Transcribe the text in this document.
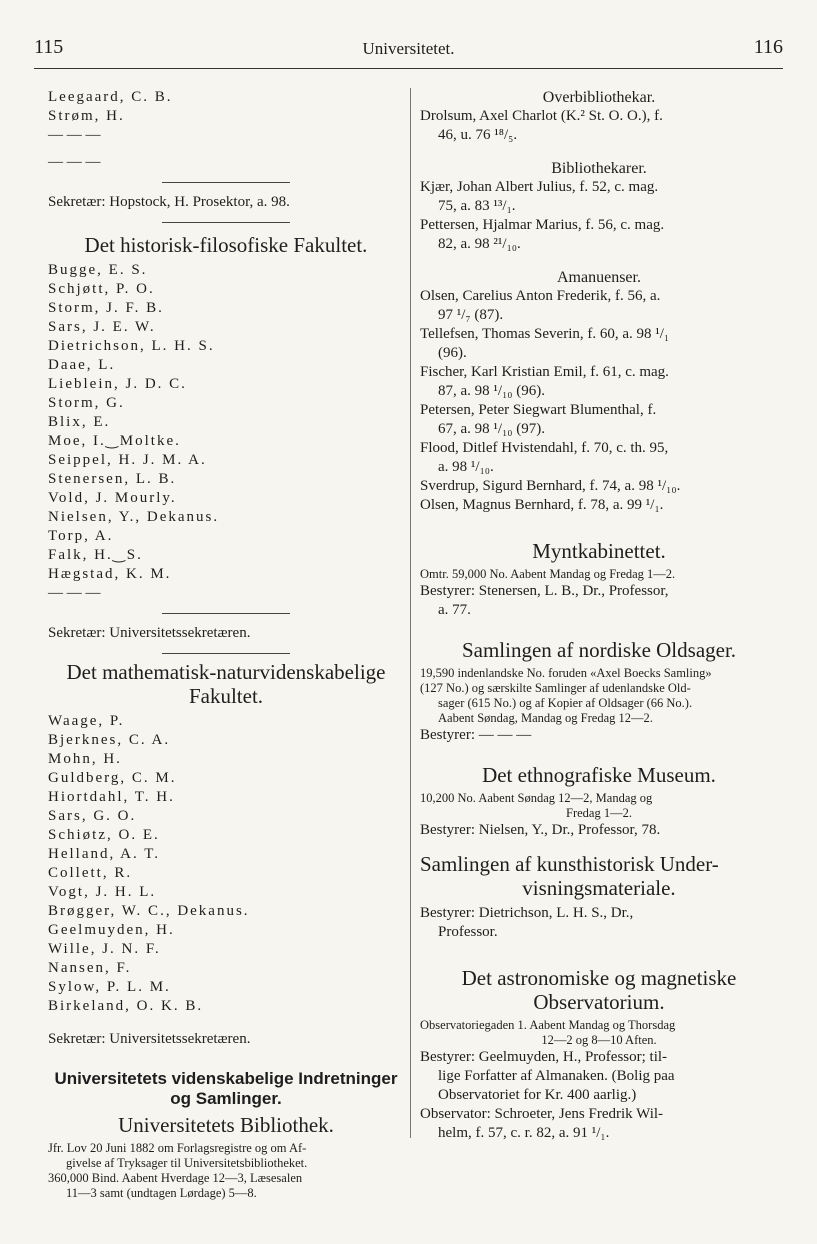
115	Universitetet.	116
Leegaard, C. B.
Strøm, H.
— — —
— — —
Sekretær: Hopstock, H. Prosektor, a. 98.
Det historisk-filosofiske Fakultet.
Bugge, E. S.
Schjøtt, P. O.
Storm, J. F. B.
Sars, J. E. W.
Dietrichson, L. H. S.
Daae, L.
Lieblein, J. D. C.
Storm, G.
Blix, E.
Moe, I.‿Moltke.
Seippel, H. J. M. A.
Stenersen, L. B.
Vold, J. Mourly.
Nielsen, Y., Dekanus.
Torp, A.
Falk, H.‿S.
Hægstad, K. M.
— — —
Sekretær: Universitetssekretæren.
Det mathematisk-naturvidenskabelige
Fakultet.
Waage, P.
Bjerknes, C. A.
Mohn, H.
Guldberg, C. M.
Hiortdahl, T. H.
Sars, G. O.
Schiøtz, O. E.
Helland, A. T.
Collett, R.
Vogt, J. H. L.
Brøgger, W. C., Dekanus.
Geelmuyden, H.
Wille, J. N. F.
Nansen, F.
Sylow, P. L. M.
Birkeland, O. K. B.
Sekretær: Universitetssekretæren.
Universitetets videnskabelige Indretninger
og Samlinger.
Universitetets Bibliothek.
Jfr. Lov 20 Juni 1882 om Forlagsregistre og om Af-
givelse af Tryksager til Universitetsbibliotheket.
360,000 Bind. Aabent Hverdage 12—3, Læsesalen
11—3 samt (undtagen Lørdage) 5—8.
Overbibliothekar.
Drolsum, Axel Charlot (K.² St. O. O.), f.
46, u. 76 ¹⁸/₅.
Bibliothekarer.
Kjær, Johan Albert Julius, f. 52, c. mag.
75, a. 83 ¹³/₁.
Pettersen, Hjalmar Marius, f. 56, c. mag.
82, a. 98 ²¹/₁₀.
Amanuenser.
Olsen, Carelius Anton Frederik, f. 56, a.
97 ¹/₇ (87).
Tellefsen, Thomas Severin, f. 60, a. 98 ¹/₁
(96).
Fischer, Karl Kristian Emil, f. 61, c. mag.
87, a. 98 ¹/₁₀ (96).
Petersen, Peter Siegwart Blumenthal, f.
67, a. 98 ¹/₁₀ (97).
Flood, Ditlef Hvistendahl, f. 70, c. th. 95,
a. 98 ¹/₁₀.
Sverdrup, Sigurd Bernhard, f. 74, a. 98 ¹/₁₀.
Olsen, Magnus Bernhard, f. 78, a. 99 ¹/₁.
Myntkabinettet.
Omtr. 59,000 No. Aabent Mandag og Fredag 1—2.
Bestyrer: Stenersen, L. B., Dr., Professor,
a. 77.
Samlingen af nordiske Oldsager.
19,590 indenlandske No. foruden «Axel Boecks Samling»
(127 No.) og særskilte Samlinger af udenlandske Old-
sager (615 No.) og af Kopier af Oldsager (66 No.).
Aabent Søndag, Mandag og Fredag 12—2.
Bestyrer: — — —
Det ethnografiske Museum.
10,200 No. Aabent Søndag 12—2, Mandag og
Fredag 1—2.
Bestyrer: Nielsen, Y., Dr., Professor, 78.
Samlingen af kunsthistorisk Under-
visningsmateriale.
Bestyrer: Dietrichson, L. H. S., Dr.,
Professor.
Det astronomiske og magnetiske
Observatorium.
Observatoriegaden 1. Aabent Mandag og Thorsdag
12—2 og 8—10 Aften.
Bestyrer: Geelmuyden, H., Professor; til-
lige Forfatter af Almanaken. (Bolig paa
Observatoriet for Kr. 400 aarlig.)
Observator: Schroeter, Jens Fredrik Wil-
helm, f. 57, c. r. 82, a. 91 ¹/₁.
